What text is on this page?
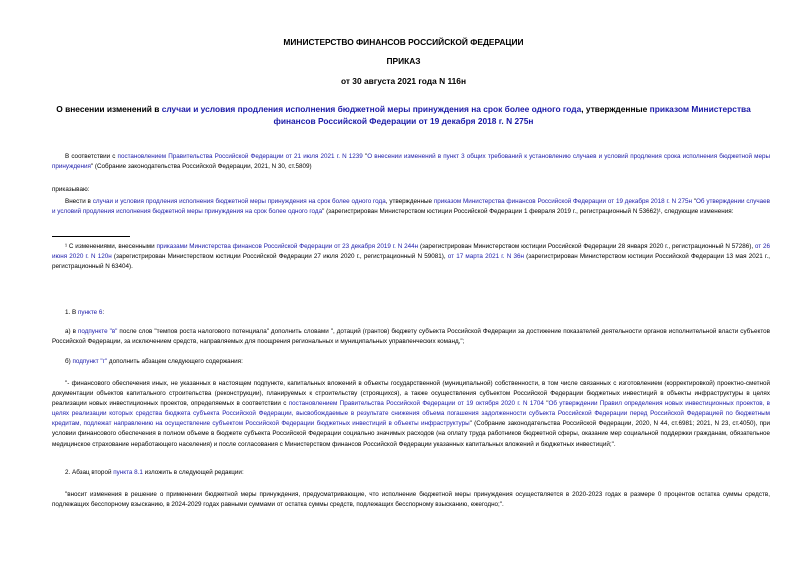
МИНИСТЕРСТВО ФИНАНСОВ РОССИЙСКОЙ ФЕДЕРАЦИИ
ПРИКАЗ
от 30 августа 2021 года N 116н
О внесении изменений в случаи и условия продления исполнения бюджетной меры принуждения на срок более одного года, утвержденные приказом Министерства финансов Российской Федерации от 19 декабря 2018 г. N 275н
В соответствии с постановлением Правительства Российской Федерации от 21 июля 2021 г. N 1239 "О внесении изменений в пункт 3 общих требований к установлению случаев и условий продления срока исполнения бюджетной меры принуждения" (Собрание законодательства Российской Федерации, 2021, N 30, ст.5809)
приказываю:
Внести в случаи и условия продления исполнения бюджетной меры принуждения на срок более одного года, утвержденные приказом Министерства финансов Российской Федерации от 19 декабря 2018 г. N 275н "Об утверждении случаев и условий продления исполнения бюджетной меры принуждения на срок более одного года" (зарегистрирован Министерством юстиции Российской Федерации 1 февраля 2019 г., регистрационный N 53662)¹, следующие изменения:
¹ С изменениями, внесенными приказами Министерства финансов Российской Федерации от 23 декабря 2019 г. N 244н (зарегистрирован Министерством юстиции Российской Федерации 28 января 2020 г., регистрационный N 57286), от 26 июня 2020 г. N 120н (зарегистрирован Министерством юстиции Российской Федерации 27 июля 2020 г., регистрационный N 59081), от 17 марта 2021 г. N 36н (зарегистрирован Министерством юстиции Российской Федерации 13 мая 2021 г., регистрационный N 63404).
1. В пункте 6:
а) в подпункте "в" после слов "темпов роста налогового потенциала" дополнить словами ", дотаций (грантов) бюджету субъекта Российской Федерации за достижение показателей деятельности органов исполнительной власти субъектов Российской Федерации, за исключением средств, направляемых для поощрения региональных и муниципальных управленческих команд,";
б) подпункт "г" дополнить абзацем следующего содержания:
"- финансового обеспечения иных, не указанных в настоящем подпункте, капитальных вложений в объекты государственной (муниципальной) собственности, в том числе связанных с изготовлением (корректировкой) проектно-сметной документации объектов капитального строительства (реконструкции), планируемых к строительству (строящихся), а также осуществления субъектом Российской Федерации бюджетных инвестиций в объекты инфраструктуры в целях реализации новых инвестиционных проектов, определяемых в соответствии с постановлением Правительства Российской Федерации от 19 октября 2020 г. N 1704 "Об утверждении Правил определения новых инвестиционных проектов, в целях реализации которых средства бюджета субъекта Российской Федерации, высвобождаемые в результате снижения объема погашения задолженности субъекта Российской Федерации перед Российской Федерацией по бюджетным кредитам, подлежат направлению на осуществление субъектом Российской Федерации бюджетных инвестиций в объекты инфраструктуры" (Собрание законодательства Российской Федерации, 2020, N 44, ст.6981; 2021, N 23, ст.4050), при условии финансового обеспечения в полном объеме в бюджете субъекта Российской Федерации социально значимых расходов (на оплату труда работников бюджетной сферы, оказание мер социальной поддержки гражданам, обязательное медицинское страхование неработающего населения) и после согласования с Министерством финансов Российской Федерации указанных капитальных вложений и бюджетных инвестиций;".
2. Абзац второй пункта 8.1 изложить в следующей редакции:
"вносит изменения в решение о применении бюджетной меры принуждения, предусматривающие, что исполнение бюджетной меры принуждения осуществляется в 2020-2023 годах в размере 0 процентов остатка суммы средств, подлежащих бесспорному взысканию, в 2024-2029 годах равными суммами от остатка суммы средств, подлежащих бесспорному взысканию, ежегодно;".
